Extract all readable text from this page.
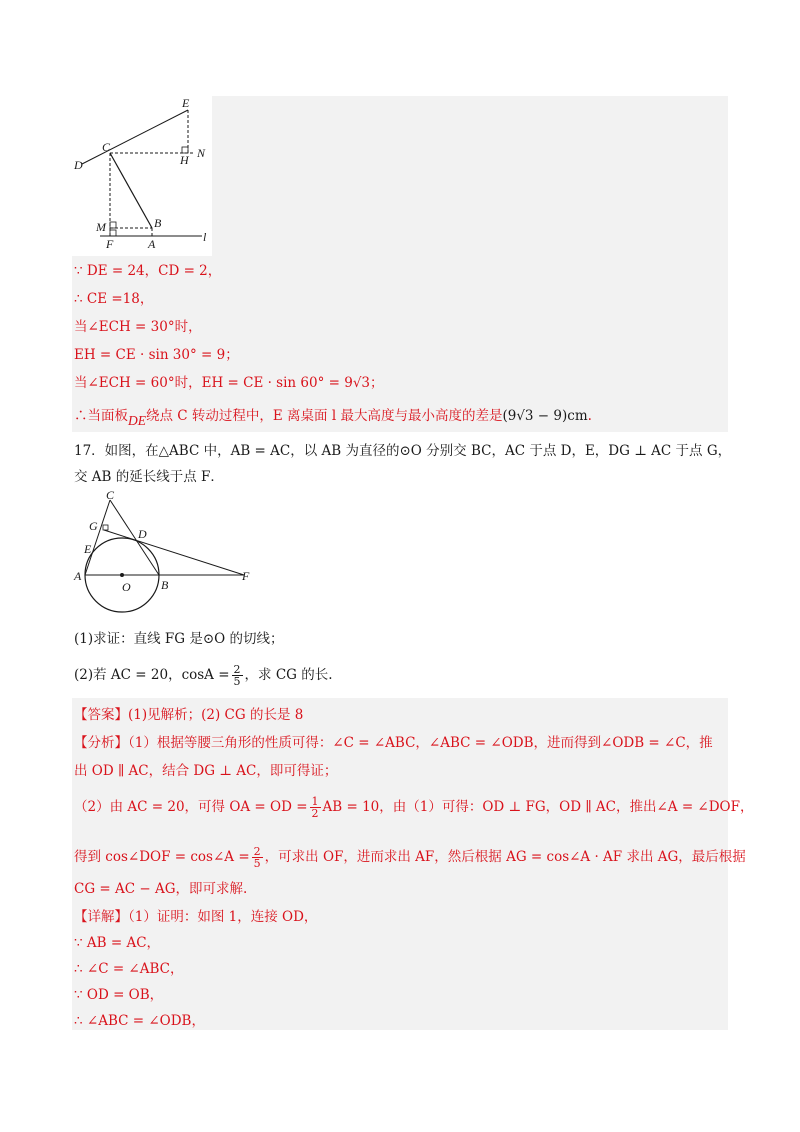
E
C
H N
D
M	B
F	A	l
∵ DE = 24，CD = 2，
∴ CE =18，
当∠ECH = 30°时，
EH = CE · sin 30° = 9；
当∠ECH = 60°时，EH = CE · sin 60° = 9√3；
∴当面板DE绕点 C 转动过程中，E 离桌面 l 最大高度与最小高度的差是(9√3 − 9)cm.
17．如图，在△ABC 中，AB = AC，以 AB 为直径的⊙O 分别交 BC，AC 于点 D，E，DG ⊥ AC 于点 G，
交 AB 的延长线于点 F．
C
G
D
E
A
O	B
F
(1)求证：直线 FG 是⊙O 的切线；
(2)若 AC = 20，$\cos A = \frac{2}{5}$ ，求 CG 的长.
【答案】(1)见解析；(2) CG 的长是 8
【分析】（1）根据等腰三角形的性质可得：∠C = ∠ABC，∠ABC = ∠ODB，进而得到∠ODB = ∠C，推
出 OD ∥ AC，结合 DG ⊥ AC，即可得证；
（2）由 AC = 20，可得 OA = OD = $\frac{1}{2}$ AB = 10，由（1）可得：OD ⊥ FG，OD ∥ AC，推出∠A = ∠DOF，
得到 cos∠DOF = cos∠A = $\frac{2}{5}$ ，可求出 OF，进而求出 AF，然后根据 AG = cos∠A · AF 求出 AG，最后根据
CG = AC − AG，即可求解.
【详解】（1）证明：如图 1，连接 OD，
∵ AB = AC，
∴ ∠C = ∠ABC，
∵ OD = OB，
∴ ∠ABC = ∠ODB，
